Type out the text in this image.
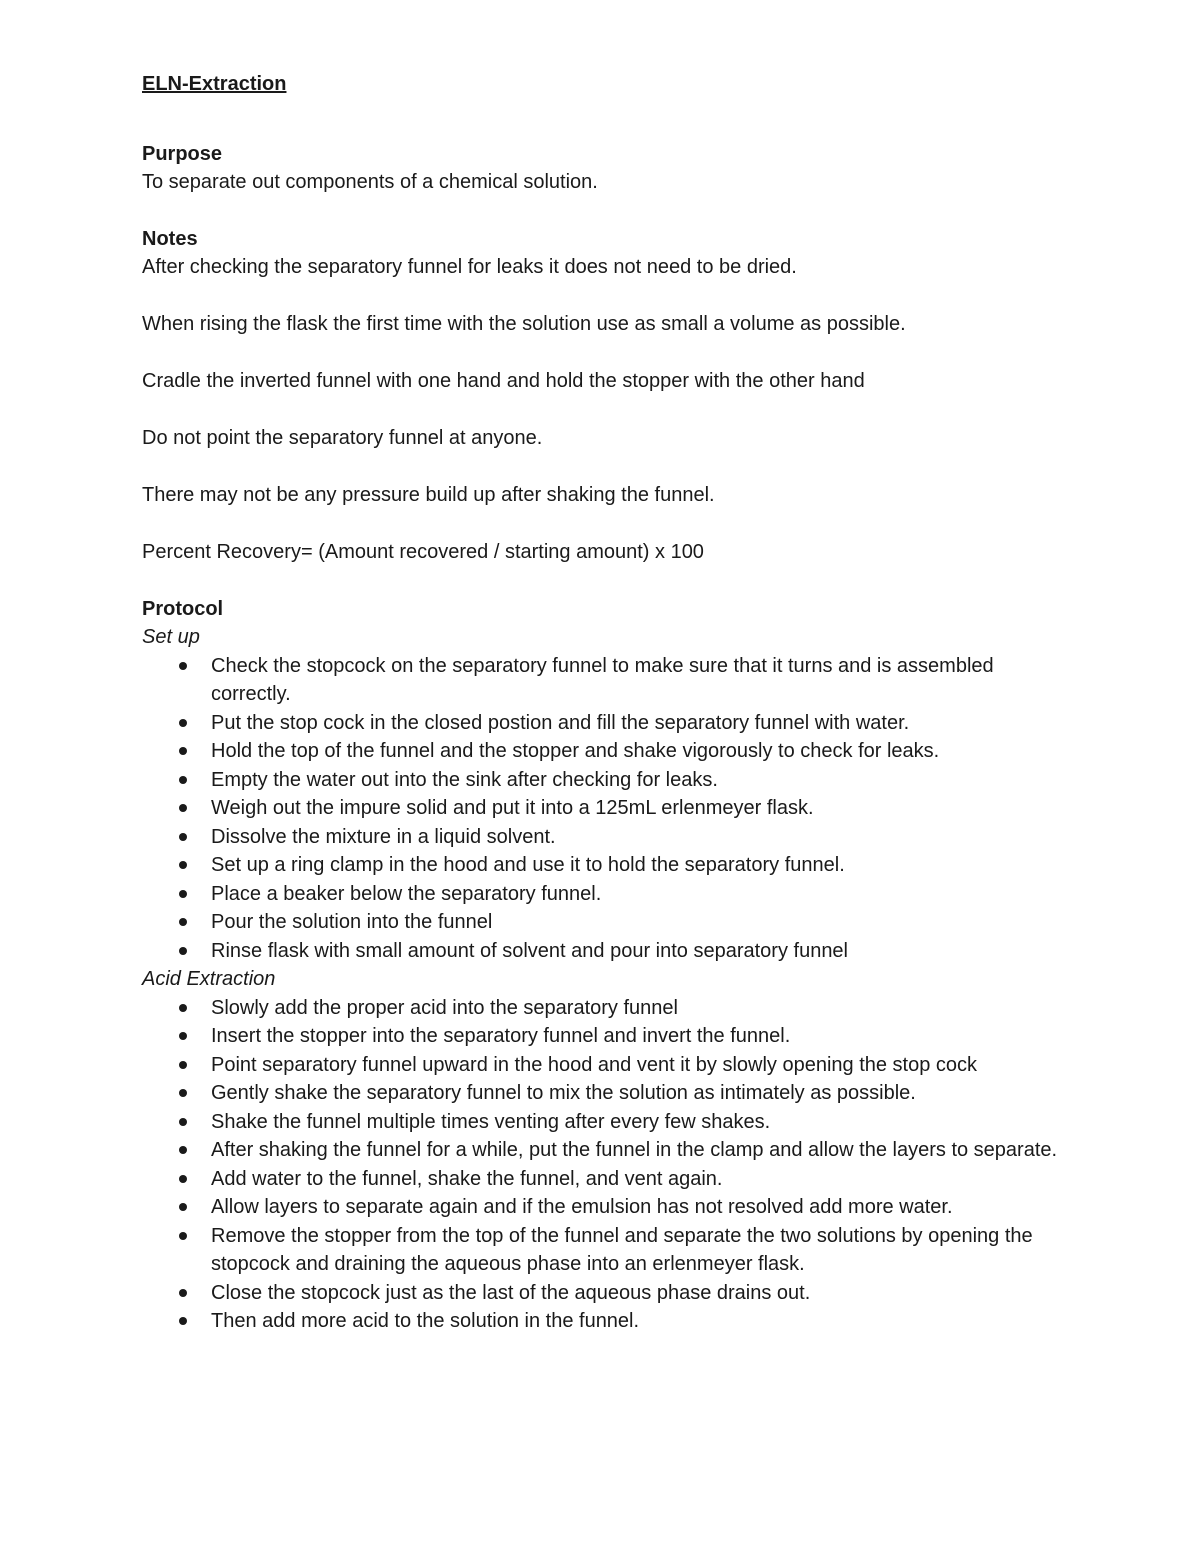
ELN-Extraction

Purpose

To separate out components of a chemical solution.

Notes

After checking the separatory funnel for leaks it does not need to be dried.

When rising the flask the first time with the solution use as small a volume as possible.

Cradle the inverted funnel with one hand and hold the stopper with the other hand

Do not point the separatory funnel at anyone.

There may not be any pressure build up after shaking the funnel.

Percent Recovery= (Amount recovered / starting amount) x 100

Protocol

Set up

Check the stopcock on the separatory funnel to make sure that it turns and is assembled correctly.
Put the stop cock in the closed postion and fill the separatory funnel with water.
Hold the top of the funnel and the stopper and shake vigorously to check for leaks.
Empty the water out into the sink after checking for leaks.
Weigh out the impure solid and put it into a 125mL erlenmeyer flask.
Dissolve the mixture in a liquid solvent.
Set up a ring clamp in the hood and use it to hold the separatory funnel.
Place a beaker below the separatory funnel.
Pour the solution into the funnel
Rinse flask with small amount of solvent and pour into separatory funnel

Acid Extraction

Slowly add the proper acid into the separatory funnel
Insert the stopper into the separatory funnel and invert the funnel.
Point separatory funnel upward in the hood and vent it by slowly opening the stop cock
Gently shake the separatory funnel to mix the solution as intimately as possible.
Shake the funnel multiple times venting after every few shakes.
After shaking the funnel for a while, put the funnel in the clamp and allow the layers to separate.
Add water to the funnel, shake the funnel, and vent again.
Allow layers to separate again and if the emulsion has not resolved add more water.
Remove the stopper from the top of the funnel and separate the two solutions by opening the stopcock and draining the aqueous phase into an erlenmeyer flask.
Close the stopcock just as the last of the aqueous phase drains out.
Then add more acid to the solution in the funnel.
